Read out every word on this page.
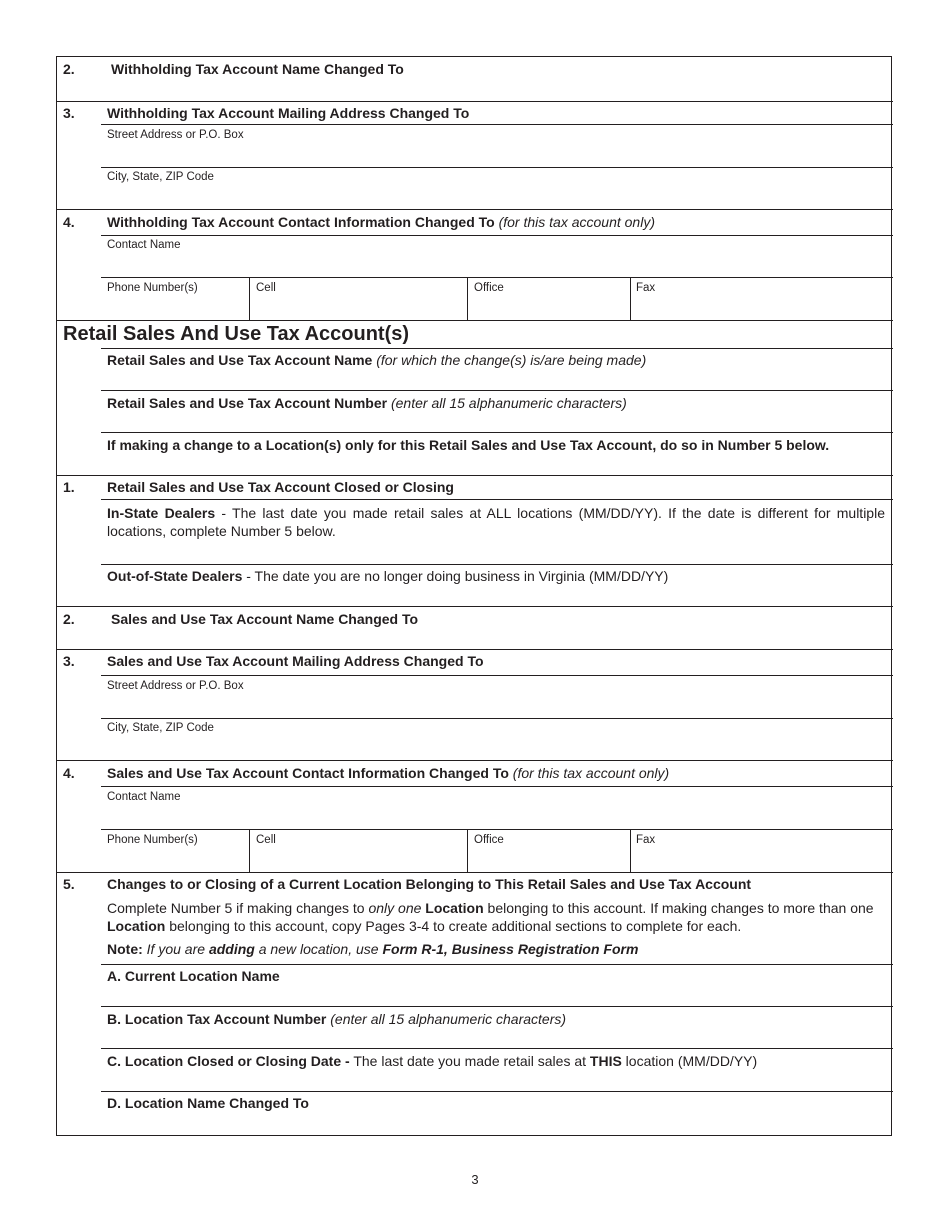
2.	Withholding Tax Account Name Changed To
3. Withholding Tax Account Mailing Address Changed To
Street Address or P.O. Box
City, State, ZIP Code
4. Withholding Tax Account Contact Information Changed To (for this tax account only)
Contact Name
Phone Number(s)	Cell	Office	Fax
Retail Sales And Use Tax Account(s)
Retail Sales and Use Tax Account Name (for which the change(s) is/are being made)
Retail Sales and Use Tax Account Number (enter all 15 alphanumeric characters)
If making a change to a Location(s) only for this Retail Sales and Use Tax Account, do so in Number 5 below.
1. Retail Sales and Use Tax Account Closed or Closing
In-State Dealers - The last date you made retail sales at ALL locations (MM/DD/YY). If the date is different for multiple locations, complete Number 5 below.
Out-of-State Dealers - The date you are no longer doing business in Virginia (MM/DD/YY)
2.	Sales and Use Tax Account Name Changed To
3. Sales and Use Tax Account Mailing Address Changed To
Street Address or P.O. Box
City, State, ZIP Code
4. Sales and Use Tax Account Contact Information Changed To (for this tax account only)
Contact Name
Phone Number(s)	Cell	Office	Fax
5. Changes to or Closing of a Current Location Belonging to This Retail Sales and Use Tax Account
Complete Number 5 if making changes to only one Location belonging to this account. If making changes to more than one Location belonging to this account, copy Pages 3-4 to create additional sections to complete for each.
Note: If you are adding a new location, use Form R-1, Business Registration Form
A. Current Location Name
B. Location Tax Account Number (enter all 15 alphanumeric characters)
C. Location Closed or Closing Date - The last date you made retail sales at THIS location (MM/DD/YY)
D. Location Name Changed To
3
